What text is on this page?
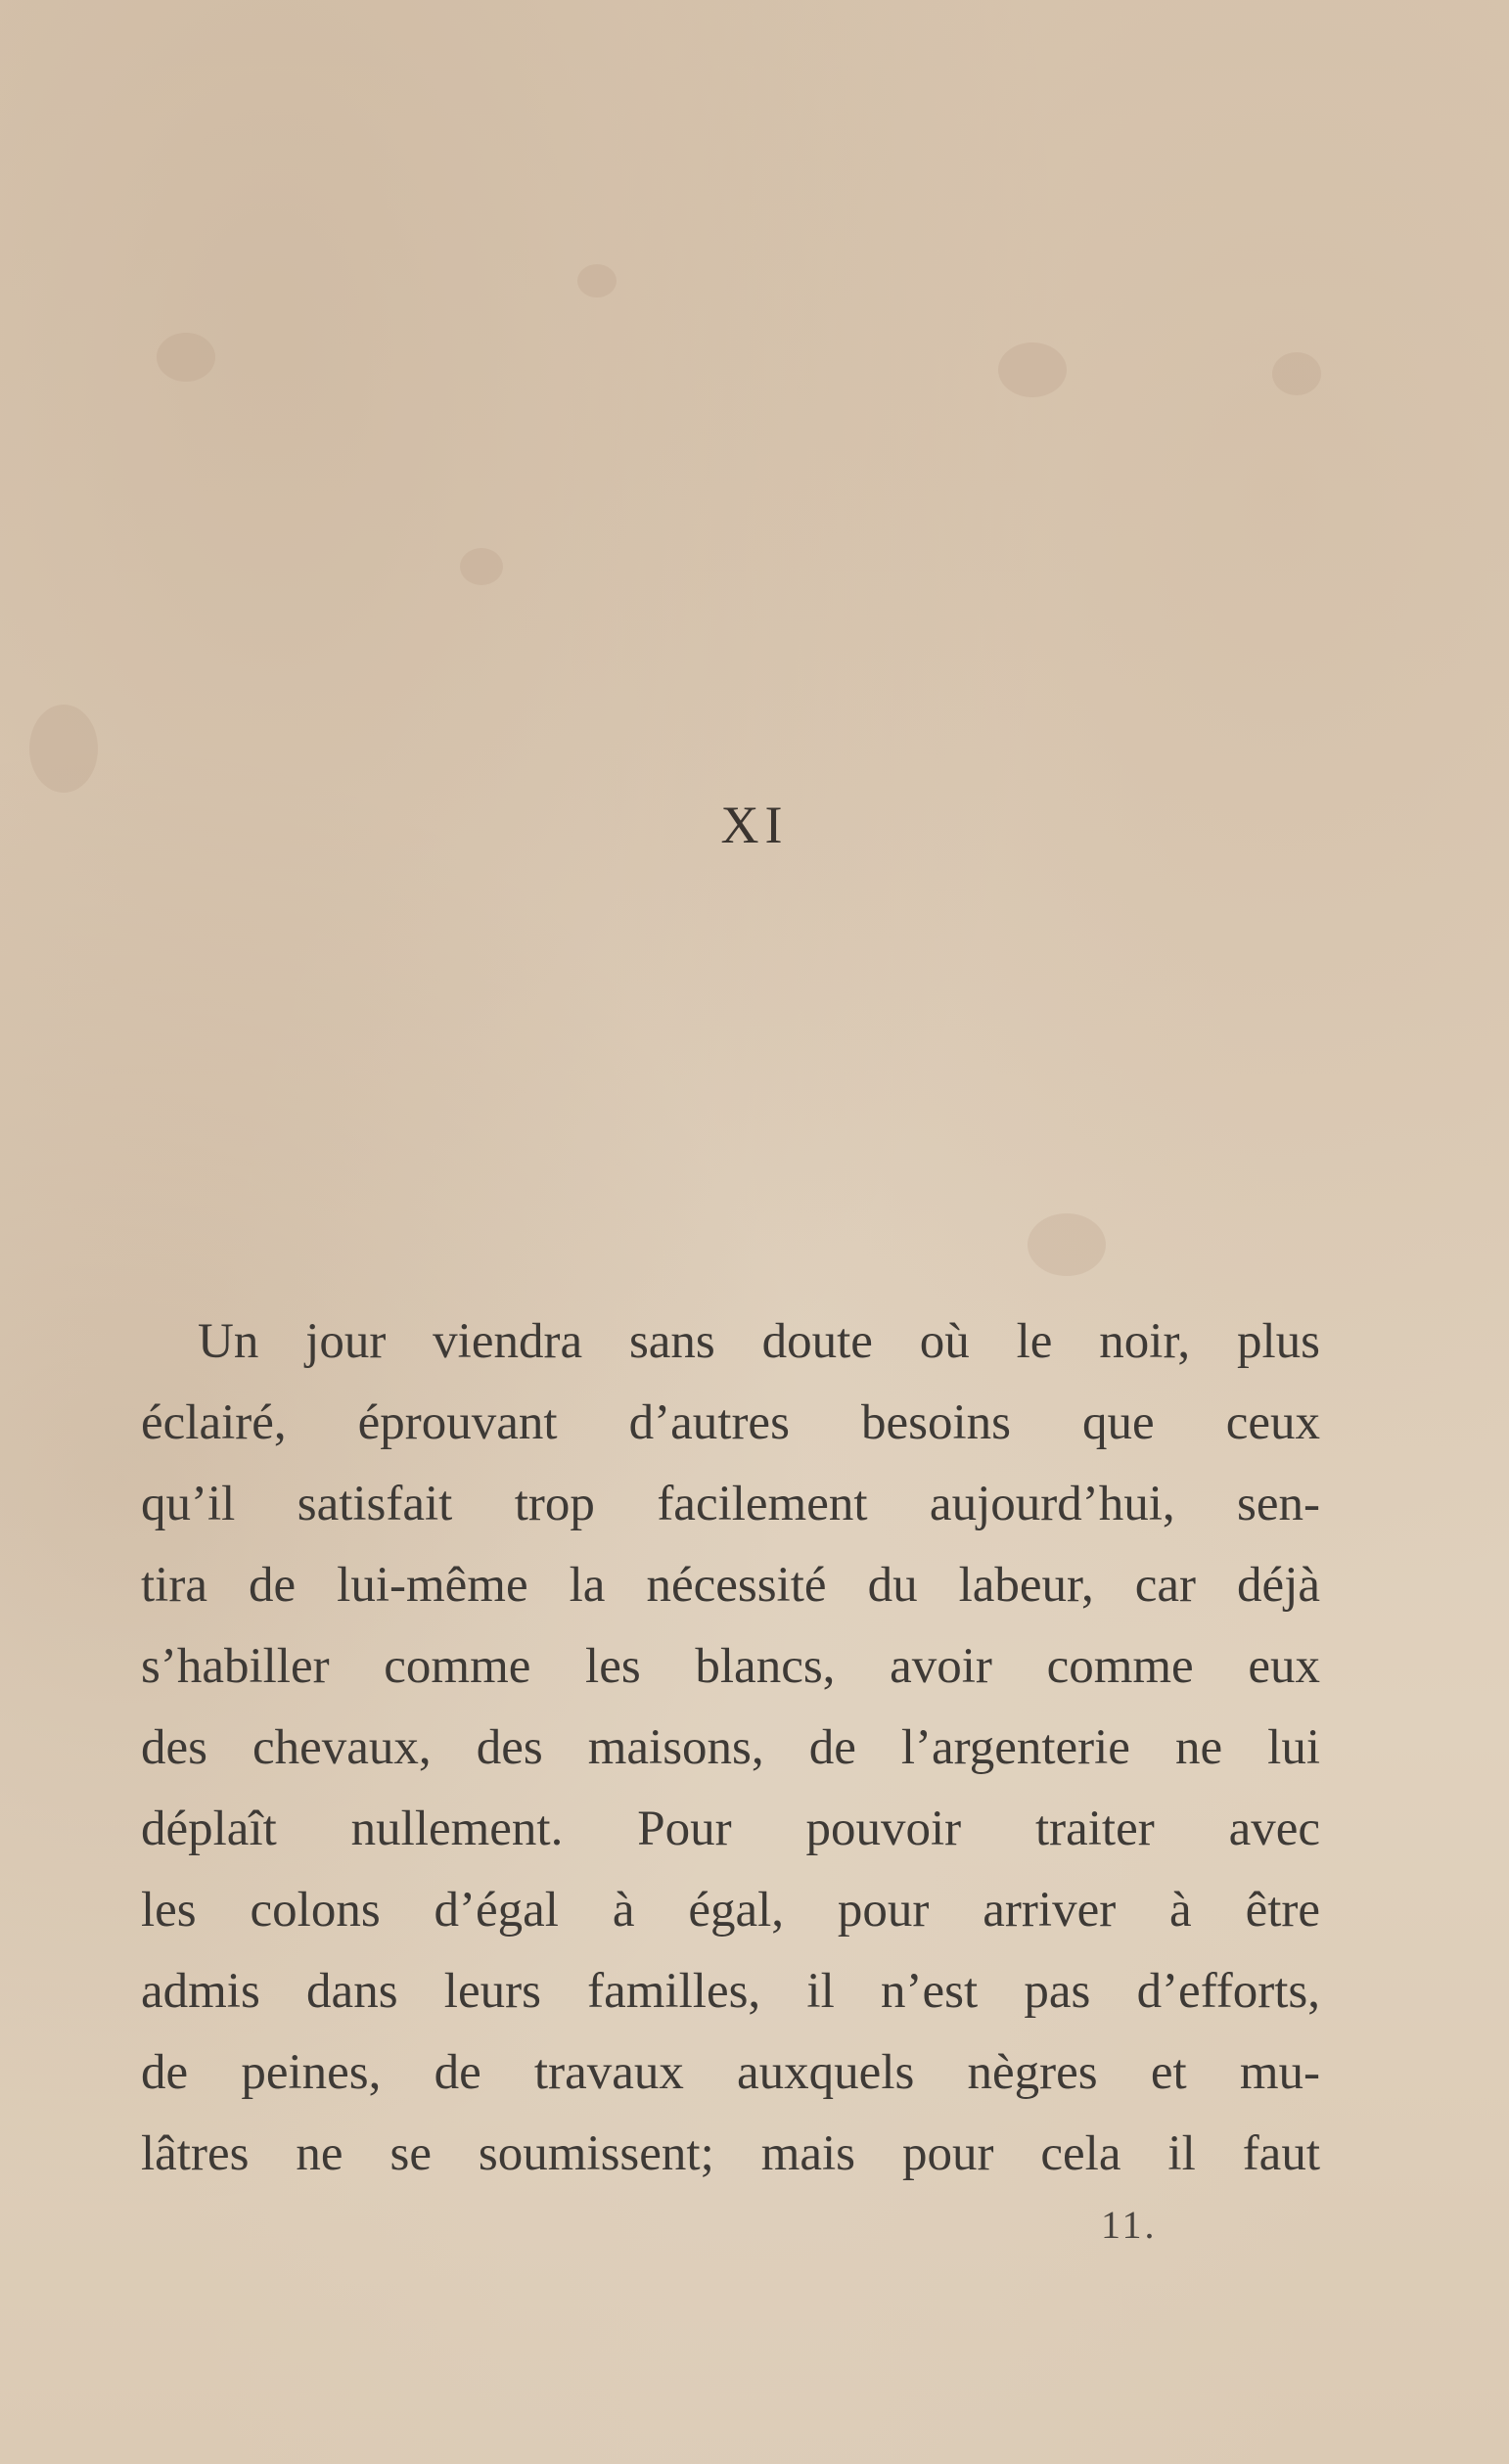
XI
Un jour viendra sans doute où le noir, plus
éclairé, éprouvant d’autres besoins que ceux
qu’il satisfait trop facilement aujourd’hui, sen-
tira de lui-même la nécessité du labeur, car déjà
s’habiller comme les blancs, avoir comme eux
des chevaux, des maisons, de l’argenterie ne lui
déplaît nullement. Pour pouvoir traiter avec
les colons d’égal à égal, pour arriver à être
admis dans leurs familles, il n’est pas d’efforts,
de peines, de travaux auxquels nègres et mu-
lâtres ne se soumissent; mais pour cela il faut
11.
